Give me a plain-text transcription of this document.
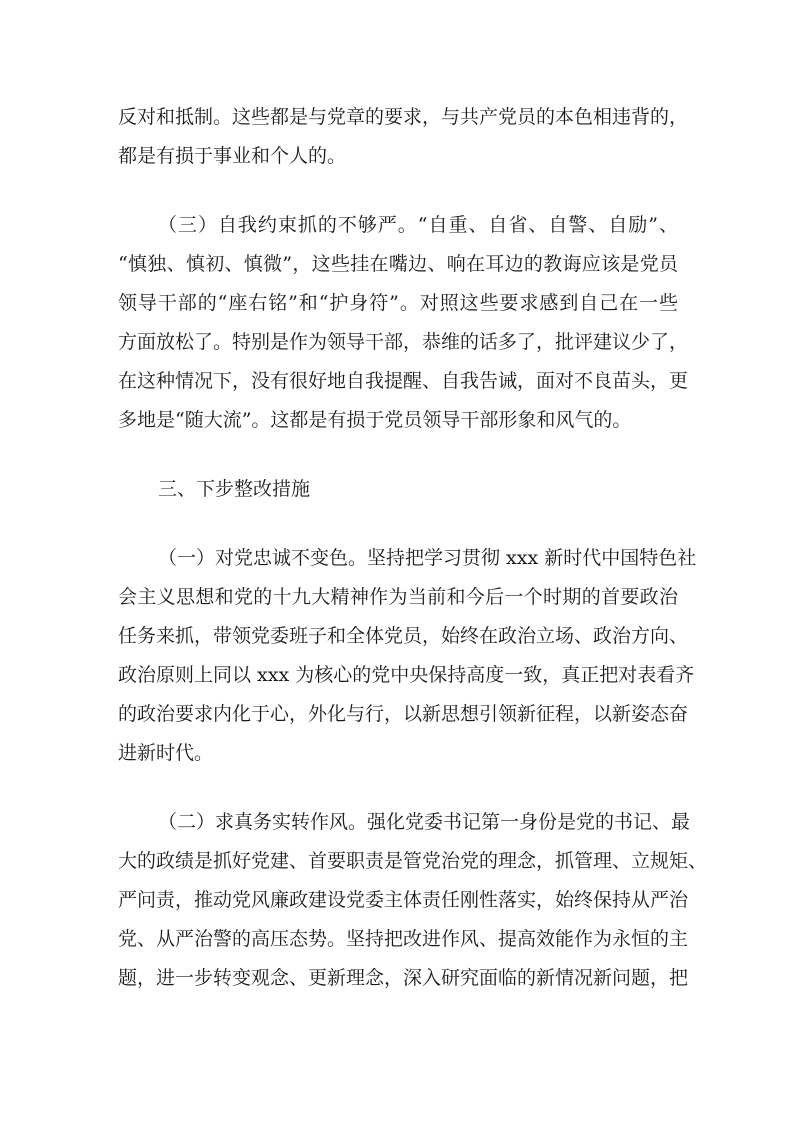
反对和抵制。这些都是与党章的要求，与共产党员的本色相违背的，
都是有损于事业和个人的。
（三）自我约束抓的不够严。“自重、自省、自警、自励”、
“慎独、慎初、慎微”，这些挂在嘴边、响在耳边的教诲应该是党员
领导干部的“座右铭”和“护身符”。对照这些要求感到自己在一些
方面放松了。特别是作为领导干部，恭维的话多了，批评建议少了，
在这种情况下，没有很好地自我提醒、自我告诫，面对不良苗头，更
多地是“随大流”。这都是有损于党员领导干部形象和风气的。
三、下步整改措施
（一）对党忠诚不变色。坚持把学习贯彻 xxx 新时代中国特色社
会主义思想和党的十九大精神作为当前和今后一个时期的首要政治
任务来抓，带领党委班子和全体党员，始终在政治立场、政治方向、
政治原则上同以 xxx 为核心的党中央保持高度一致，真正把对表看齐
的政治要求内化于心，外化与行，以新思想引领新征程，以新姿态奋
进新时代。
（二）求真务实转作风。强化党委书记第一身份是党的书记、最
大的政绩是抓好党建、首要职责是管党治党的理念，抓管理、立规矩、
严问责，推动党风廉政建设党委主体责任刚性落实，始终保持从严治
党、从严治警的高压态势。坚持把改进作风、提高效能作为永恒的主
题，进一步转变观念、更新理念，深入研究面临的新情况新问题，把
